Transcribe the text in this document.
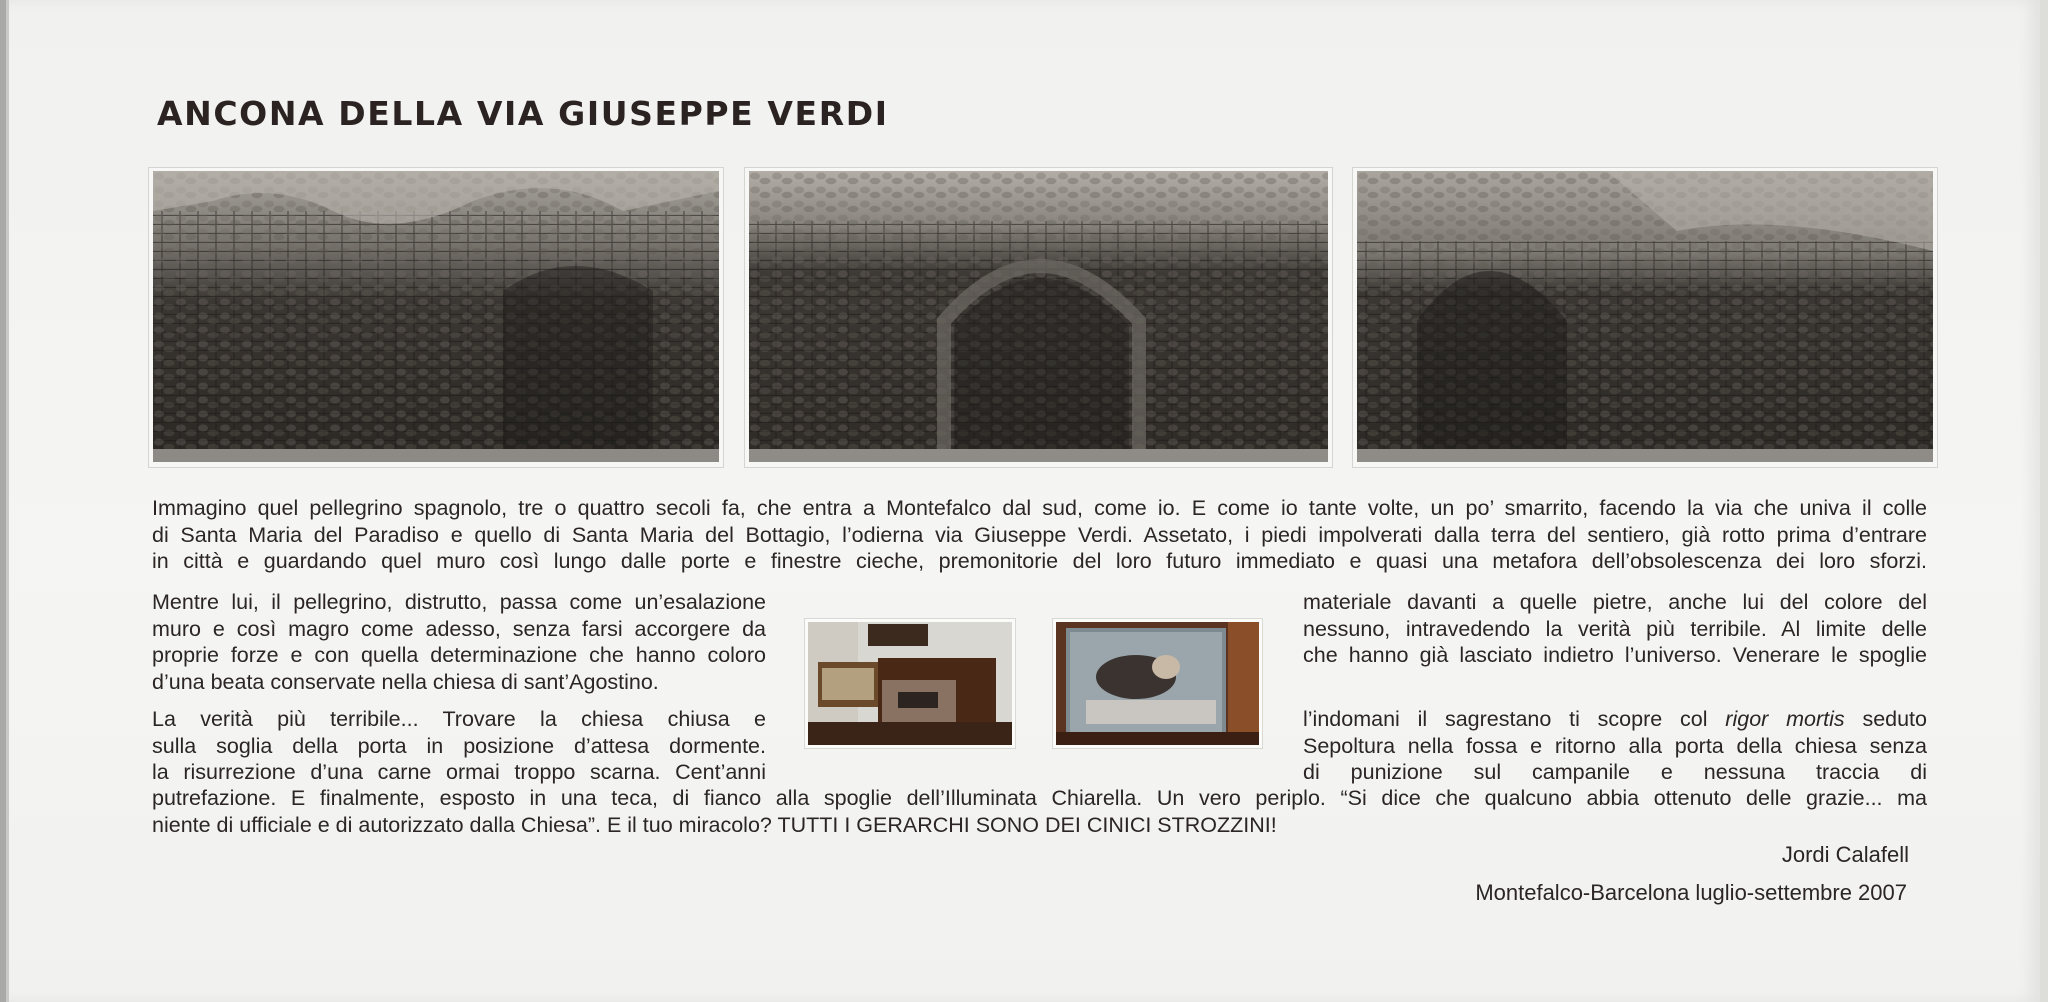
ANCONA DELLA VIA GIUSEPPE VERDI
Immagino quel pellegrino spagnolo, tre o quattro secoli fa, che entra a Montefalco dal sud, come io. E come io tante volte, un po’ smarrito, facendo la via che univa il colle
di Santa Maria del Paradiso e quello di Santa Maria del Bottagio, l’odierna via Giuseppe Verdi. Assetato, i piedi impolverati dalla terra del sentiero, già rotto prima d’entrare
in città e guardando quel muro così lungo dalle porte e finestre cieche, premonitorie del loro futuro immediato e quasi una metafora dell’obsolescenza dei loro sforzi.
Mentre lui, il pellegrino, distrutto, passa come un’esalazione
muro e così magro come adesso, senza farsi accorgere da
proprie forze e con quella determinazione che hanno coloro
d’una beata conservate nella chiesa di sant’Agostino.
La verità più terribile... Trovare la chiesa chiusa e
sulla soglia della porta in posizione d’attesa dormente.
la risurrezione d’una carne ormai troppo scarna. Cent’anni
materiale davanti a quelle pietre, anche lui del colore del
nessuno, intravedendo la verità più terribile. Al limite delle
che hanno già lasciato indietro l’universo. Venerare le spoglie
l’indomani il sagrestano ti scopre col rigor mortis seduto
Sepoltura nella fossa e ritorno alla porta della chiesa senza
di punizione sul campanile e nessuna traccia di
putrefazione. E finalmente, esposto in una teca, di fianco alla spoglie dell’Illuminata Chiarella. Un vero periplo. “Si dice che qualcuno abbia ottenuto delle grazie... ma
niente di ufficiale e di autorizzato dalla Chiesa”. E il tuo miracolo? TUTTI I GERARCHI SONO DEI CINICI STROZZINI!
Jordi Calafell
Montefalco-Barcelona luglio-settembre 2007
